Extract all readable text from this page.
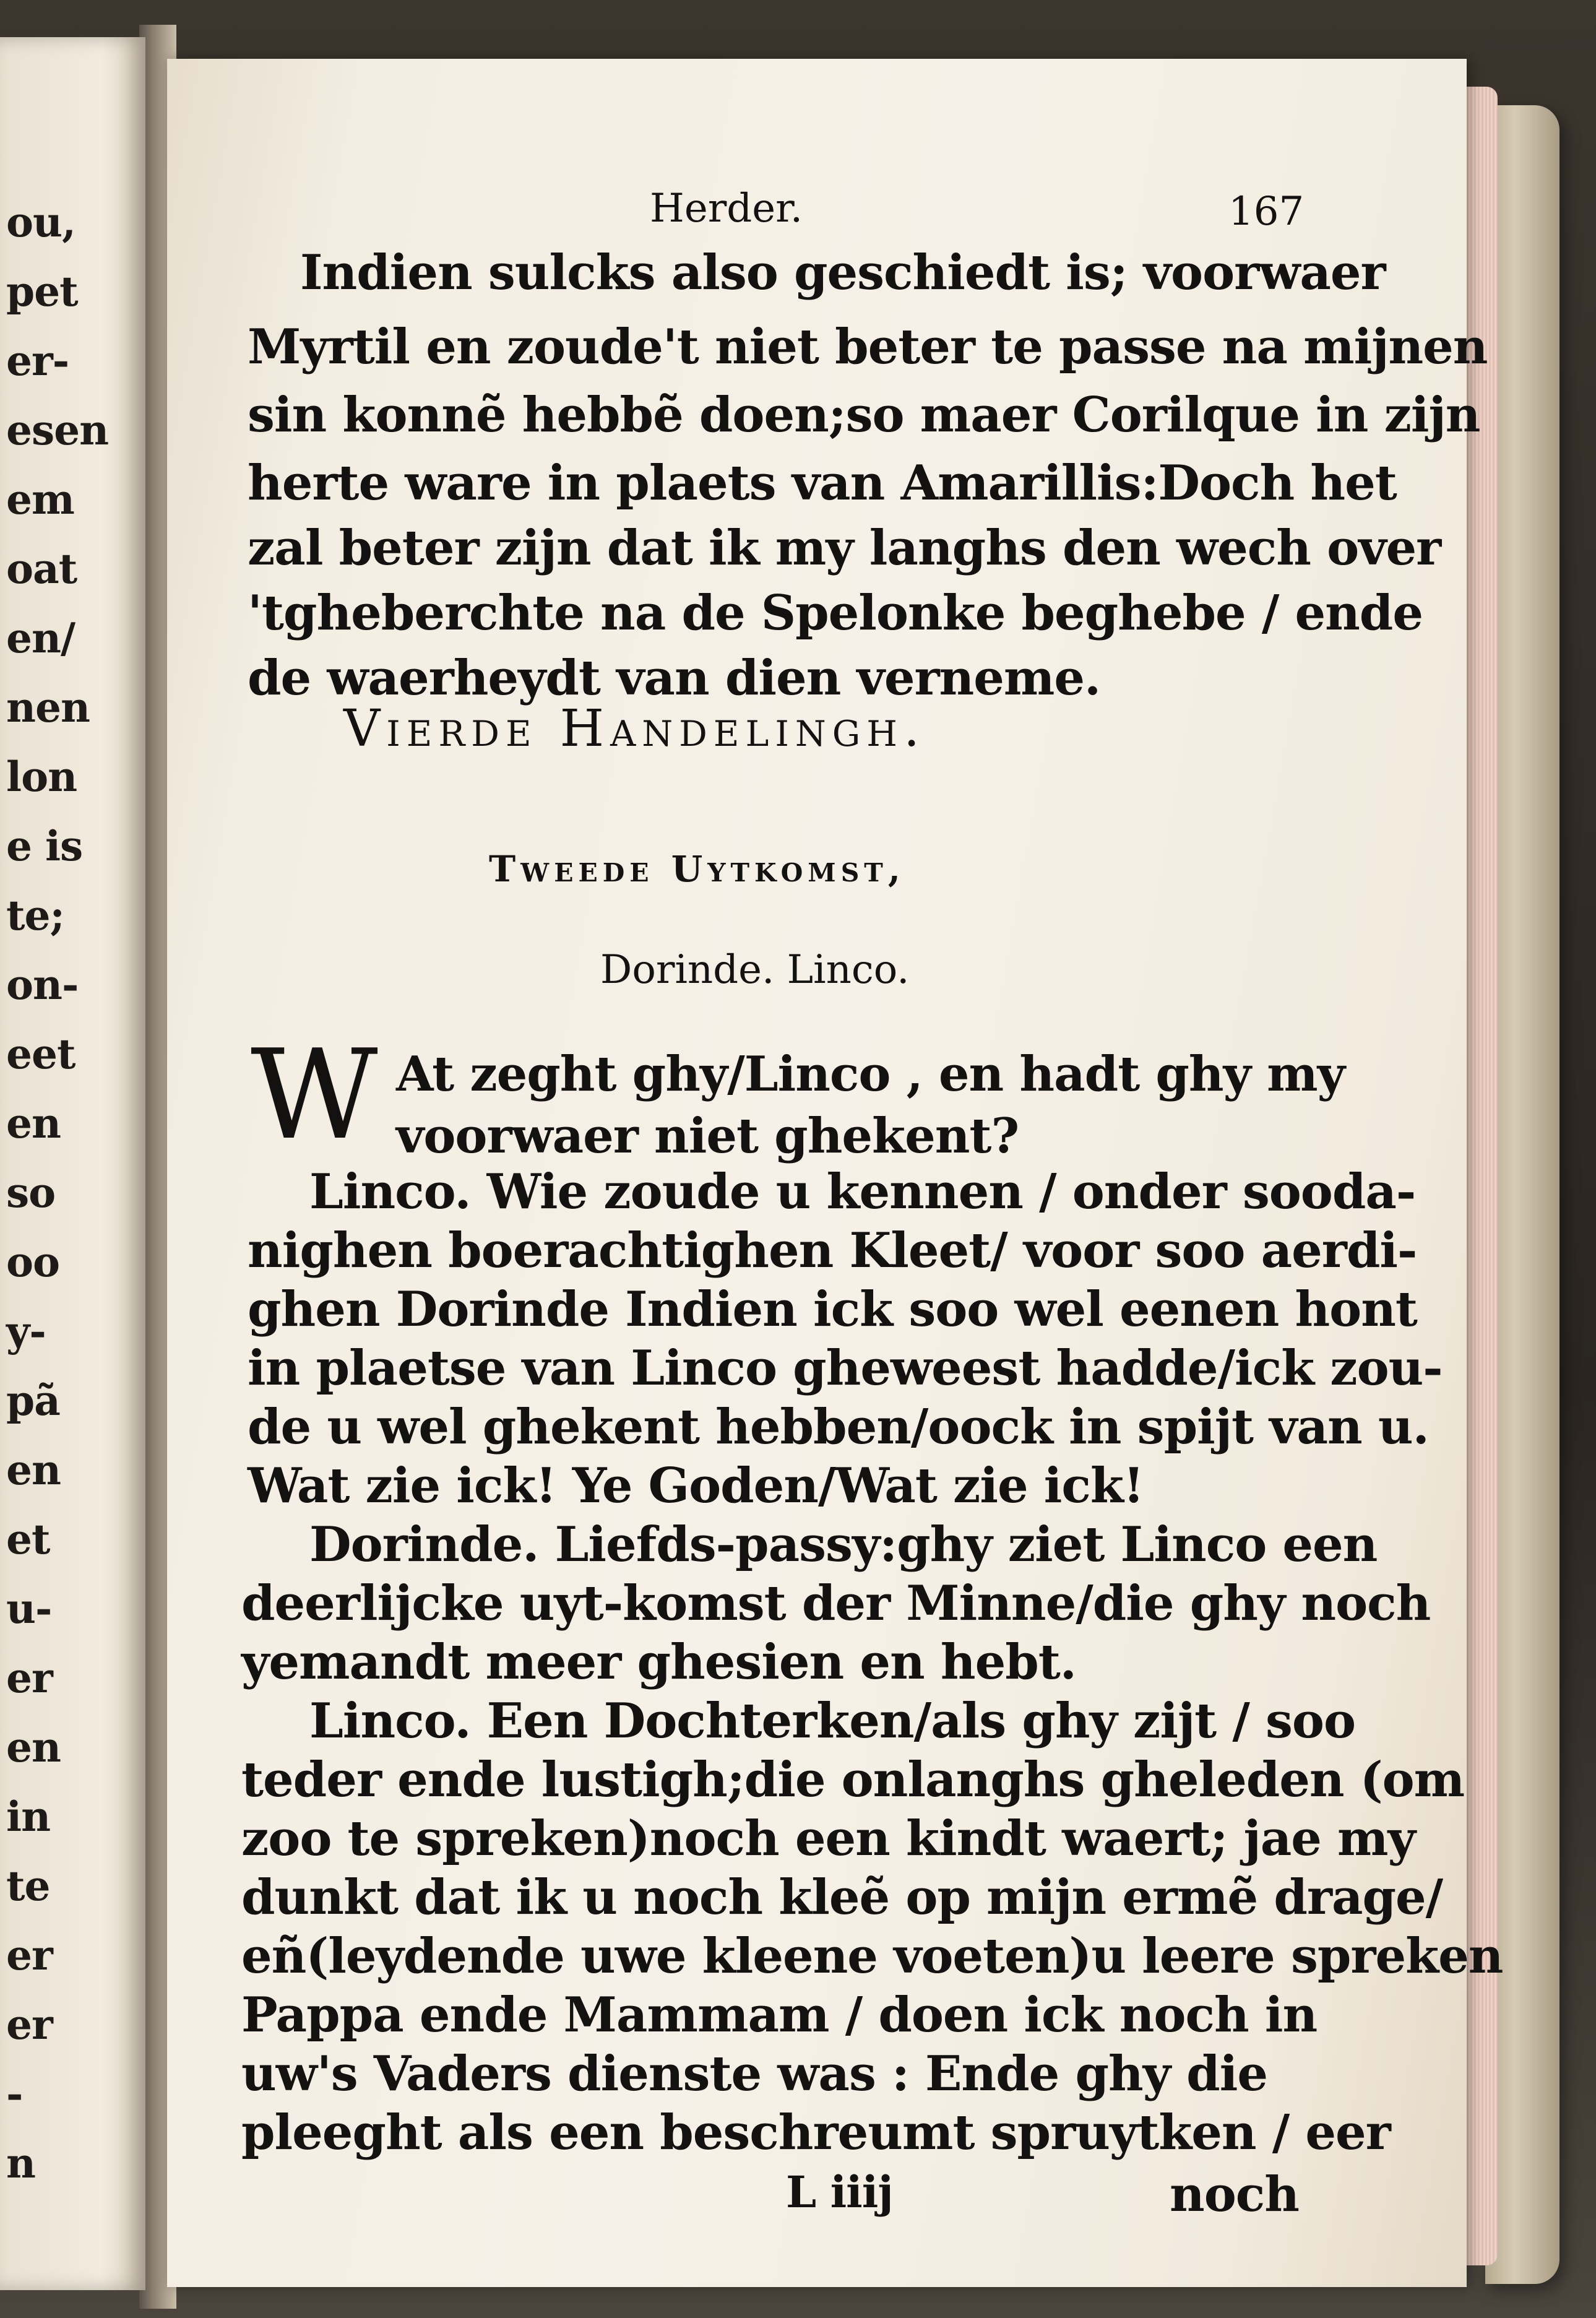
ou,
pet
er-
esen
em
oat
en/
nen
lon
e is
te;
on-
eet
en
so
oo
y-
pã
en
et
u-
er
en
in
te
er
er
-
n
Herder.	167
Indien sulcks also geschiedt is; voorwaer
Myrtil en zoude't niet beter te passe na mijnen
sin konnẽ hebbẽ doen;so maer Corilque in zijn
herte ware in plaets van Amarillis:Doch het
zal beter zijn dat ik my langhs den wech over
'tgheberchte na de Spelonke beghebe / ende
de waerheydt van dien verneme.
Vierde Handelingh.
Tweede Uytkomst,
Dorinde. Linco.
W At zeght ghy/Linco , en hadt ghy my
voorwaer niet ghekent?
Linco. Wie zoude u kennen / onder sooda-
nighen boerachtighen Kleet/ voor soo aerdi-
ghen Dorinde Indien ick soo wel eenen hont
in plaetse van Linco gheweest hadde/ick zou-
de u wel ghekent hebben/oock in spijt van u.
Wat zie ick! Ye Goden/Wat zie ick!
Dorinde. Liefds-passy:ghy ziet Linco een
deerlijcke uyt-komst der Minne/die ghy noch
yemandt meer ghesien en hebt.
Linco. Een Dochterken/als ghy zijt / soo
teder ende lustigh;die onlanghs gheleden (om
zoo te spreken)noch een kindt waert; jae my
dunkt dat ik u noch kleẽ op mijn ermẽ drage/
eñ(leydende uwe kleene voeten)u leere spreken
Pappa ende Mammam / doen ick noch in
uw's Vaders dienste was : Ende ghy die
pleeght als een beschreumt spruytken / eer
L iiij	noch
